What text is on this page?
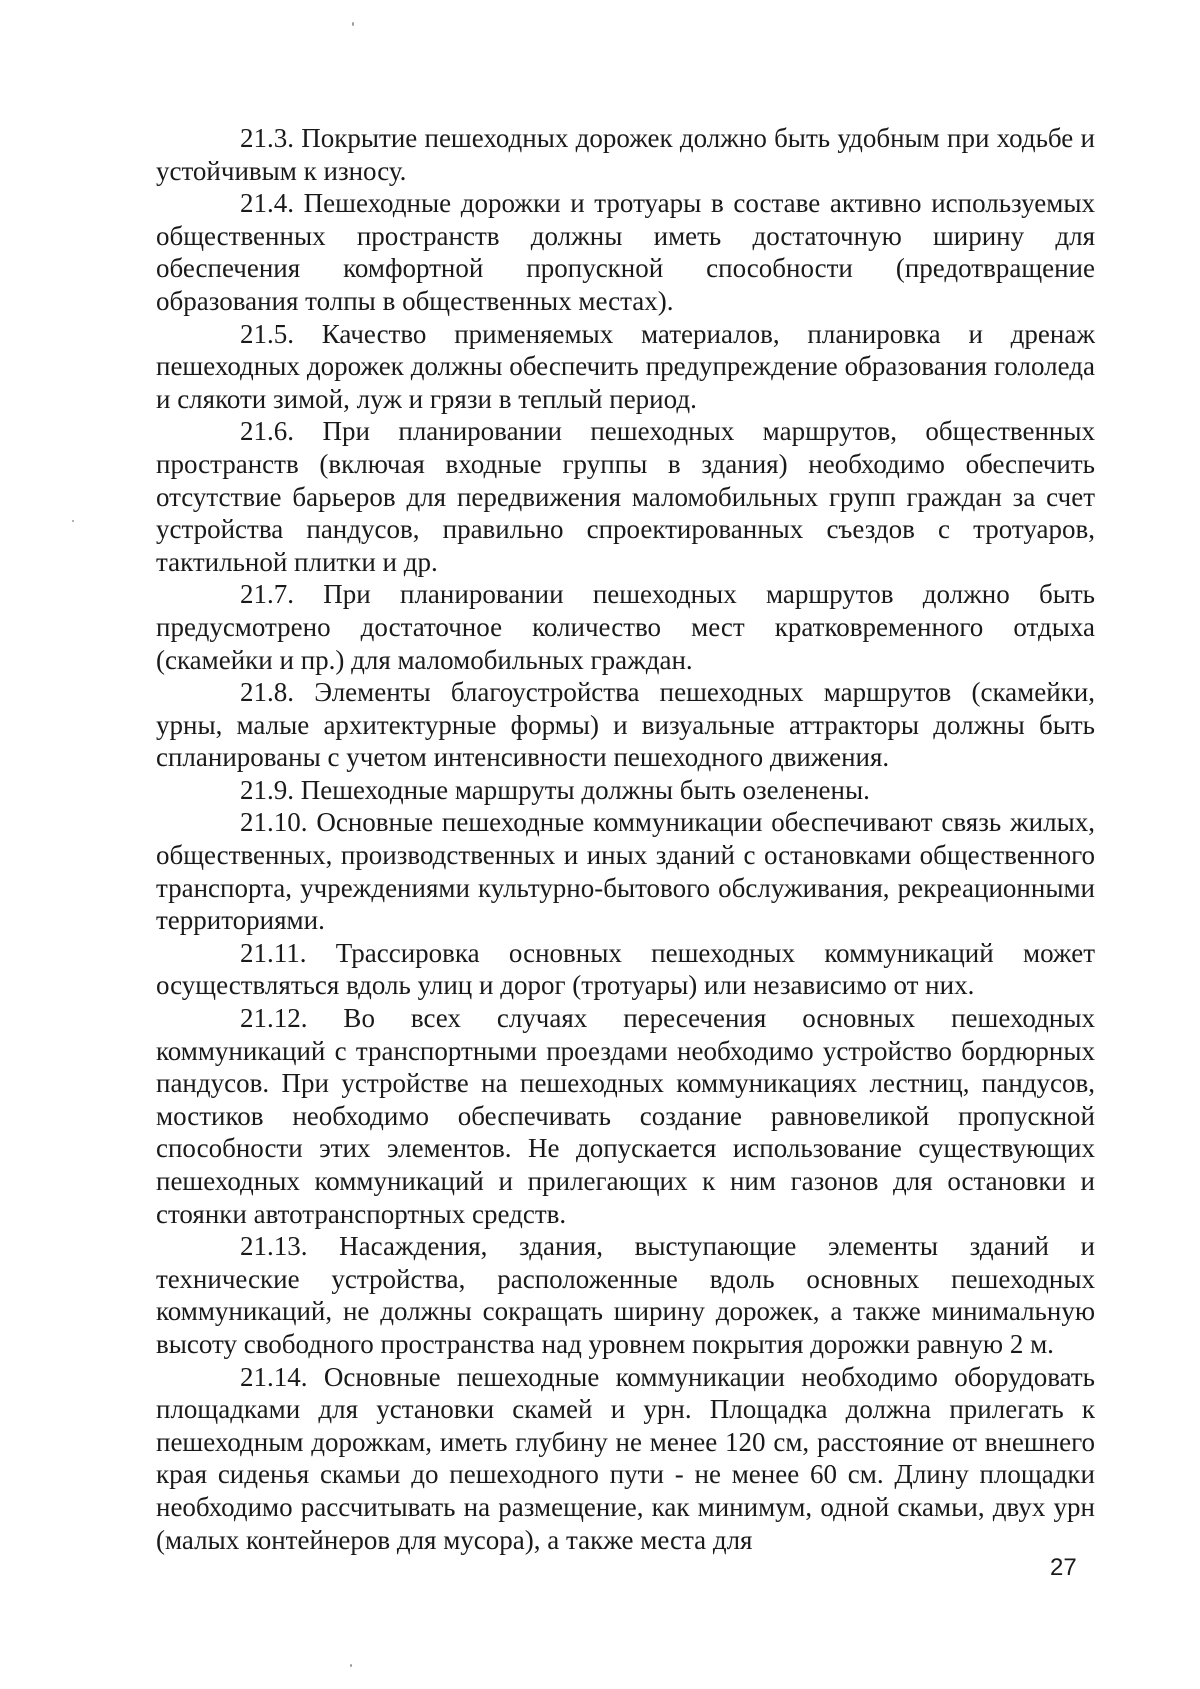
21.3. Покрытие пешеходных дорожек должно быть удобным при ходьбе и устойчивым к износу.

21.4. Пешеходные дорожки и тротуары в составе активно используемых общественных пространств должны иметь достаточную ширину для обеспечения комфортной пропускной способности (предотвращение образования толпы в общественных местах).

21.5. Качество применяемых материалов, планировка и дренаж пешеходных дорожек должны обеспечить предупреждение образования гололеда и слякоти зимой, луж и грязи в теплый период.

21.6. При планировании пешеходных маршрутов, общественных пространств (включая входные группы в здания) необходимо обеспечить отсутствие барьеров для передвижения маломобильных групп граждан за счет устройства пандусов, правильно спроектированных съездов с тротуаров, тактильной плитки и др.

21.7. При планировании пешеходных маршрутов должно быть предусмотрено достаточное количество мест кратковременного отдыха (скамейки и пр.) для маломобильных граждан.

21.8. Элементы благоустройства пешеходных маршрутов (скамейки, урны, малые архитектурные формы) и визуальные аттракторы должны быть спланированы с учетом интенсивности пешеходного движения.

21.9. Пешеходные маршруты должны быть озеленены.

21.10. Основные пешеходные коммуникации обеспечивают связь жилых, общественных, производственных и иных зданий с остановками общественного транспорта, учреждениями культурно-бытового обслуживания, рекреационными территориями.

21.11. Трассировка основных пешеходных коммуникаций может осуществляться вдоль улиц и дорог (тротуары) или независимо от них.

21.12. Во всех случаях пересечения основных пешеходных коммуникаций с транспортными проездами необходимо устройство бордюрных пандусов. При устройстве на пешеходных коммуникациях лестниц, пандусов, мостиков необходимо обеспечивать создание равновеликой пропускной способности этих элементов. Не допускается использование существующих пешеходных коммуникаций и прилегающих к ним газонов для остановки и стоянки автотранспортных средств.

21.13. Насаждения, здания, выступающие элементы зданий и технические устройства, расположенные вдоль основных пешеходных коммуникаций, не должны сокращать ширину дорожек, а также минимальную высоту свободного пространства над уровнем покрытия дорожки равную 2 м.

21.14. Основные пешеходные коммуникации необходимо оборудовать площадками для установки скамей и урн. Площадка должна прилегать к пешеходным дорожкам, иметь глубину не менее 120 см, расстояние от внешнего края сиденья скамьи до пешеходного пути - не менее 60 см. Длину площадки необходимо рассчитывать на размещение, как минимум, одной скамьи, двух урн (малых контейнеров для мусора), а также места для

27
